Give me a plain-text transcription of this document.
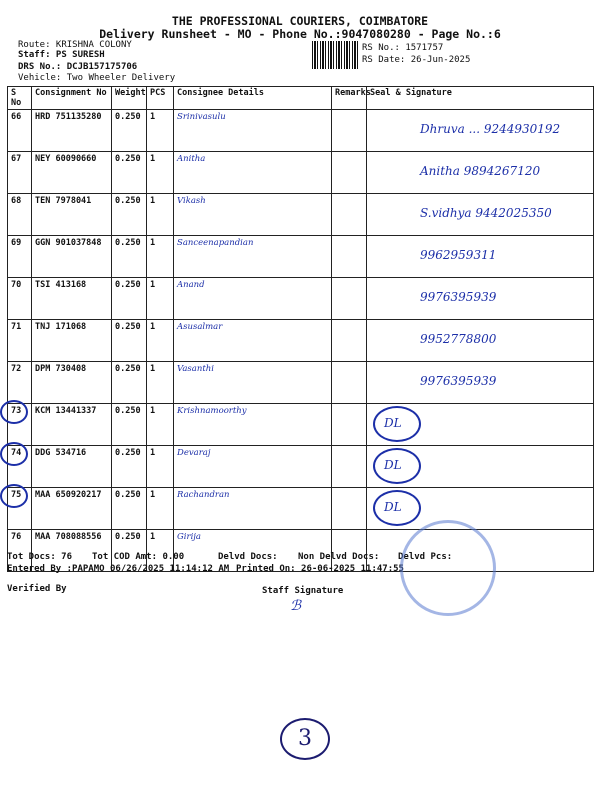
THE PROFESSIONAL COURIERS, COIMBATORE
Delivery Runsheet - MO - Phone No.:9047080280 - Page No.:6
Route: KRISHNA COLONY
Staff: PS SURESH
DRS No.: DCJB157175706
Vehicle: Two Wheeler Delivery
RS No.: 1571757
RS Date: 26-Jun-2025
S No	Consignment No	Weight	PCS	Consignee Details	Remarks	Seal & Signature
66	HRD 751135280	0.250	1	Srinivasulu		Dhruva ... 9244930192
67	NEY 60090660	0.250	1	Anitha		Anitha 9894267120
68	TEN 7978041	0.250	1	Vikash		S.vidhya 9442025350
69	GGN 901037848	0.250	1	Sanceenapandian		9962959311
70	TSI 413168	0.250	1	Anand		9976395939
71	TNJ 171068	0.250	1	Asusalmar		9952778800
72	DPM 730408	0.250	1	Vasanthi		9976395939
73	KCM 13441337	0.250	1	Krishnamoorthy		DL

74	DDG 534716	0.250	1	Devaraj		DL

75	MAA 650920217	0.250	1	Rachandran		DL

76	MAA 708088556	0.250	1	Girija		
Tot Docs: 76 Tot COD Amt: 0.00	Delvd Docs: Non Delvd Docs: Delvd Pcs:
Entered By :PAPAMO 06/26/2025 11:14:12 AM Printed On: 26-06-2025 11:47:55
Verified By	Staff Signature
ℬ
3
